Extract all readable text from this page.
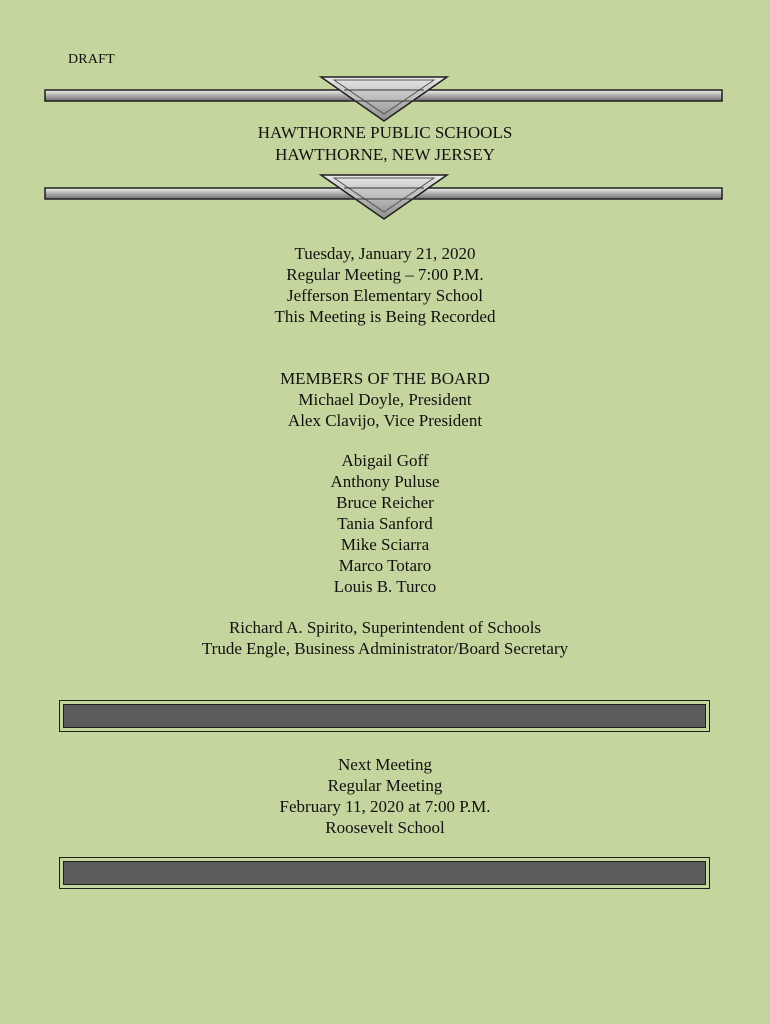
DRAFT
HAWTHORNE PUBLIC SCHOOLS
HAWTHORNE, NEW JERSEY
Tuesday, January 21, 2020
Regular Meeting – 7:00 P.M.
Jefferson Elementary School
This Meeting is Being Recorded
MEMBERS OF THE BOARD
Michael Doyle, President
Alex Clavijo, Vice President
Abigail Goff
Anthony Puluse
Bruce Reicher
Tania Sanford
Mike Sciarra
Marco Totaro
Louis B. Turco
Richard A. Spirito, Superintendent of Schools
Trude Engle, Business Administrator/Board Secretary
Next Meeting
Regular Meeting
February 11, 2020 at 7:00 P.M.
Roosevelt School
